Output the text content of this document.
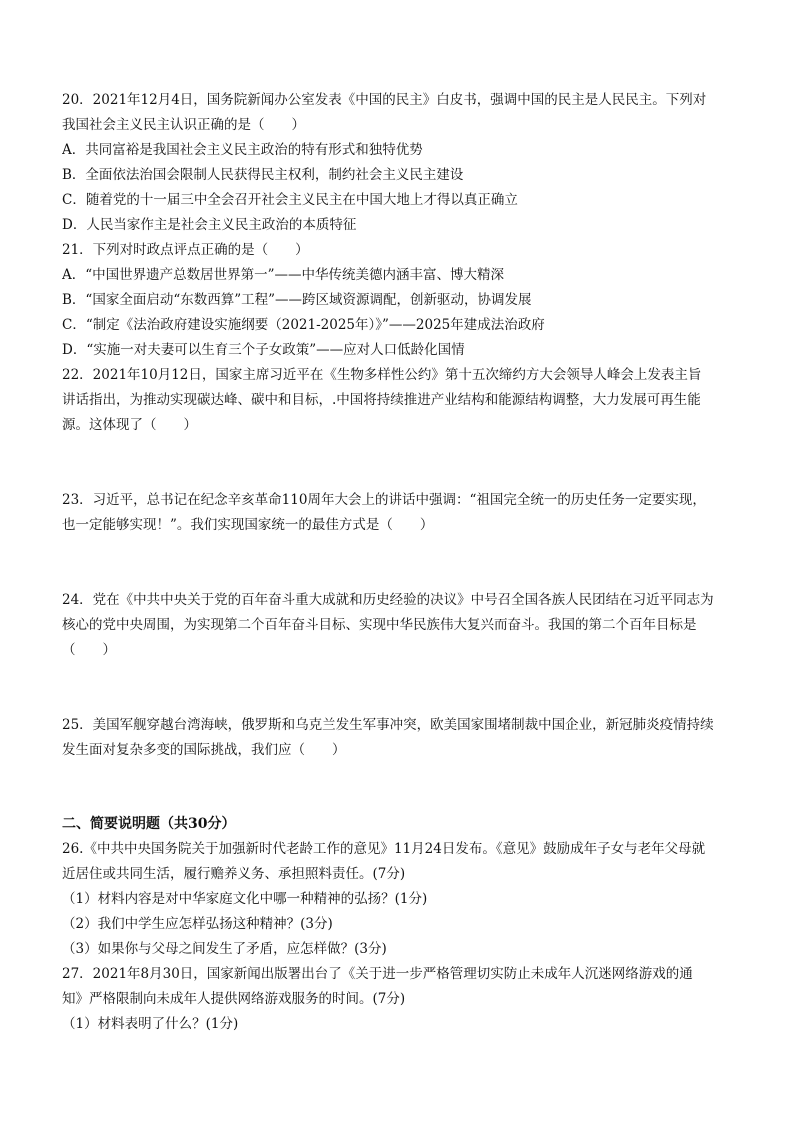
20．2021年12月4日，国务院新闻办公室发表《中国的民主》白皮书，强调中国的民主是人民民主。下列对
我国社会主义民主认识正确的是（　　）
A．共同富裕是我国社会主义民主政治的特有形式和独特优势
B．全面依法治国会限制人民获得民主权利，制约社会主义民主建设
C．随着党的十一届三中全会召开社会主义民主在中国大地上才得以真正确立
D．人民当家作主是社会主义民主政治的本质特征
21．下列对时政点评点正确的是（　　）
A．“中国世界遗产总数居世界第一”——中华传统美德内涵丰富、博大精深
B．“国家全面启动“东数西算”工程”——跨区域资源调配，创新驱动，协调发展
C．“制定《法治政府建设实施纲要（2021-2025年）》”——2025年建成法治政府
D．“实施一对夫妻可以生育三个子女政策”——应对人口低龄化国情
22．2021年10月12日，国家主席习近平在《生物多样性公约》第十五次缔约方大会领导人峰会上发表主旨
讲话指出，为推动实现碳达峰、碳中和目标，.中国将持续推进产业结构和能源结构调整，大力发展可再生能
源。这体现了（　　）
23．习近平，总书记在纪念辛亥革命110周年大会上的讲话中强调：“祖国完全统一的历史任务一定要实现，
也一定能够实现！”。我们实现国家统一的最佳方式是（　　）
24．党在《中共中央关于党的百年奋斗重大成就和历史经验的决议》中号召全国各族人民团结在习近平同志为
核心的党中央周围，为实现第二个百年奋斗目标、实现中华民族伟大复兴而奋斗。我国的第二个百年目标是
（　　）
25．美国军舰穿越台湾海峡，俄罗斯和乌克兰发生军事冲突，欧美国家围堵制裁中国企业，新冠肺炎疫情持续
发生面对复杂多变的国际挑战，我们应（　　）
二、简要说明题（共30分）
26.《中共中央国务院关于加强新时代老龄工作的意见》11月24日发布。《意见》鼓励成年子女与老年父母就
近居住或共同生活，履行赡养义务、承担照料责任。(7分)
（1）材料内容是对中华家庭文化中哪一种精神的弘扬？(1分)
（2）我们中学生应怎样弘扬这种精神？(3分)
（3）如果你与父母之间发生了矛盾，应怎样做？(3分)
27．2021年8月30日，国家新闻出版署出台了《关于进一步严格管理切实防止未成年人沉迷网络游戏的通
知》严格限制向未成年人提供网络游戏服务的时间。(7分)
（1）材料表明了什么？(1分)
